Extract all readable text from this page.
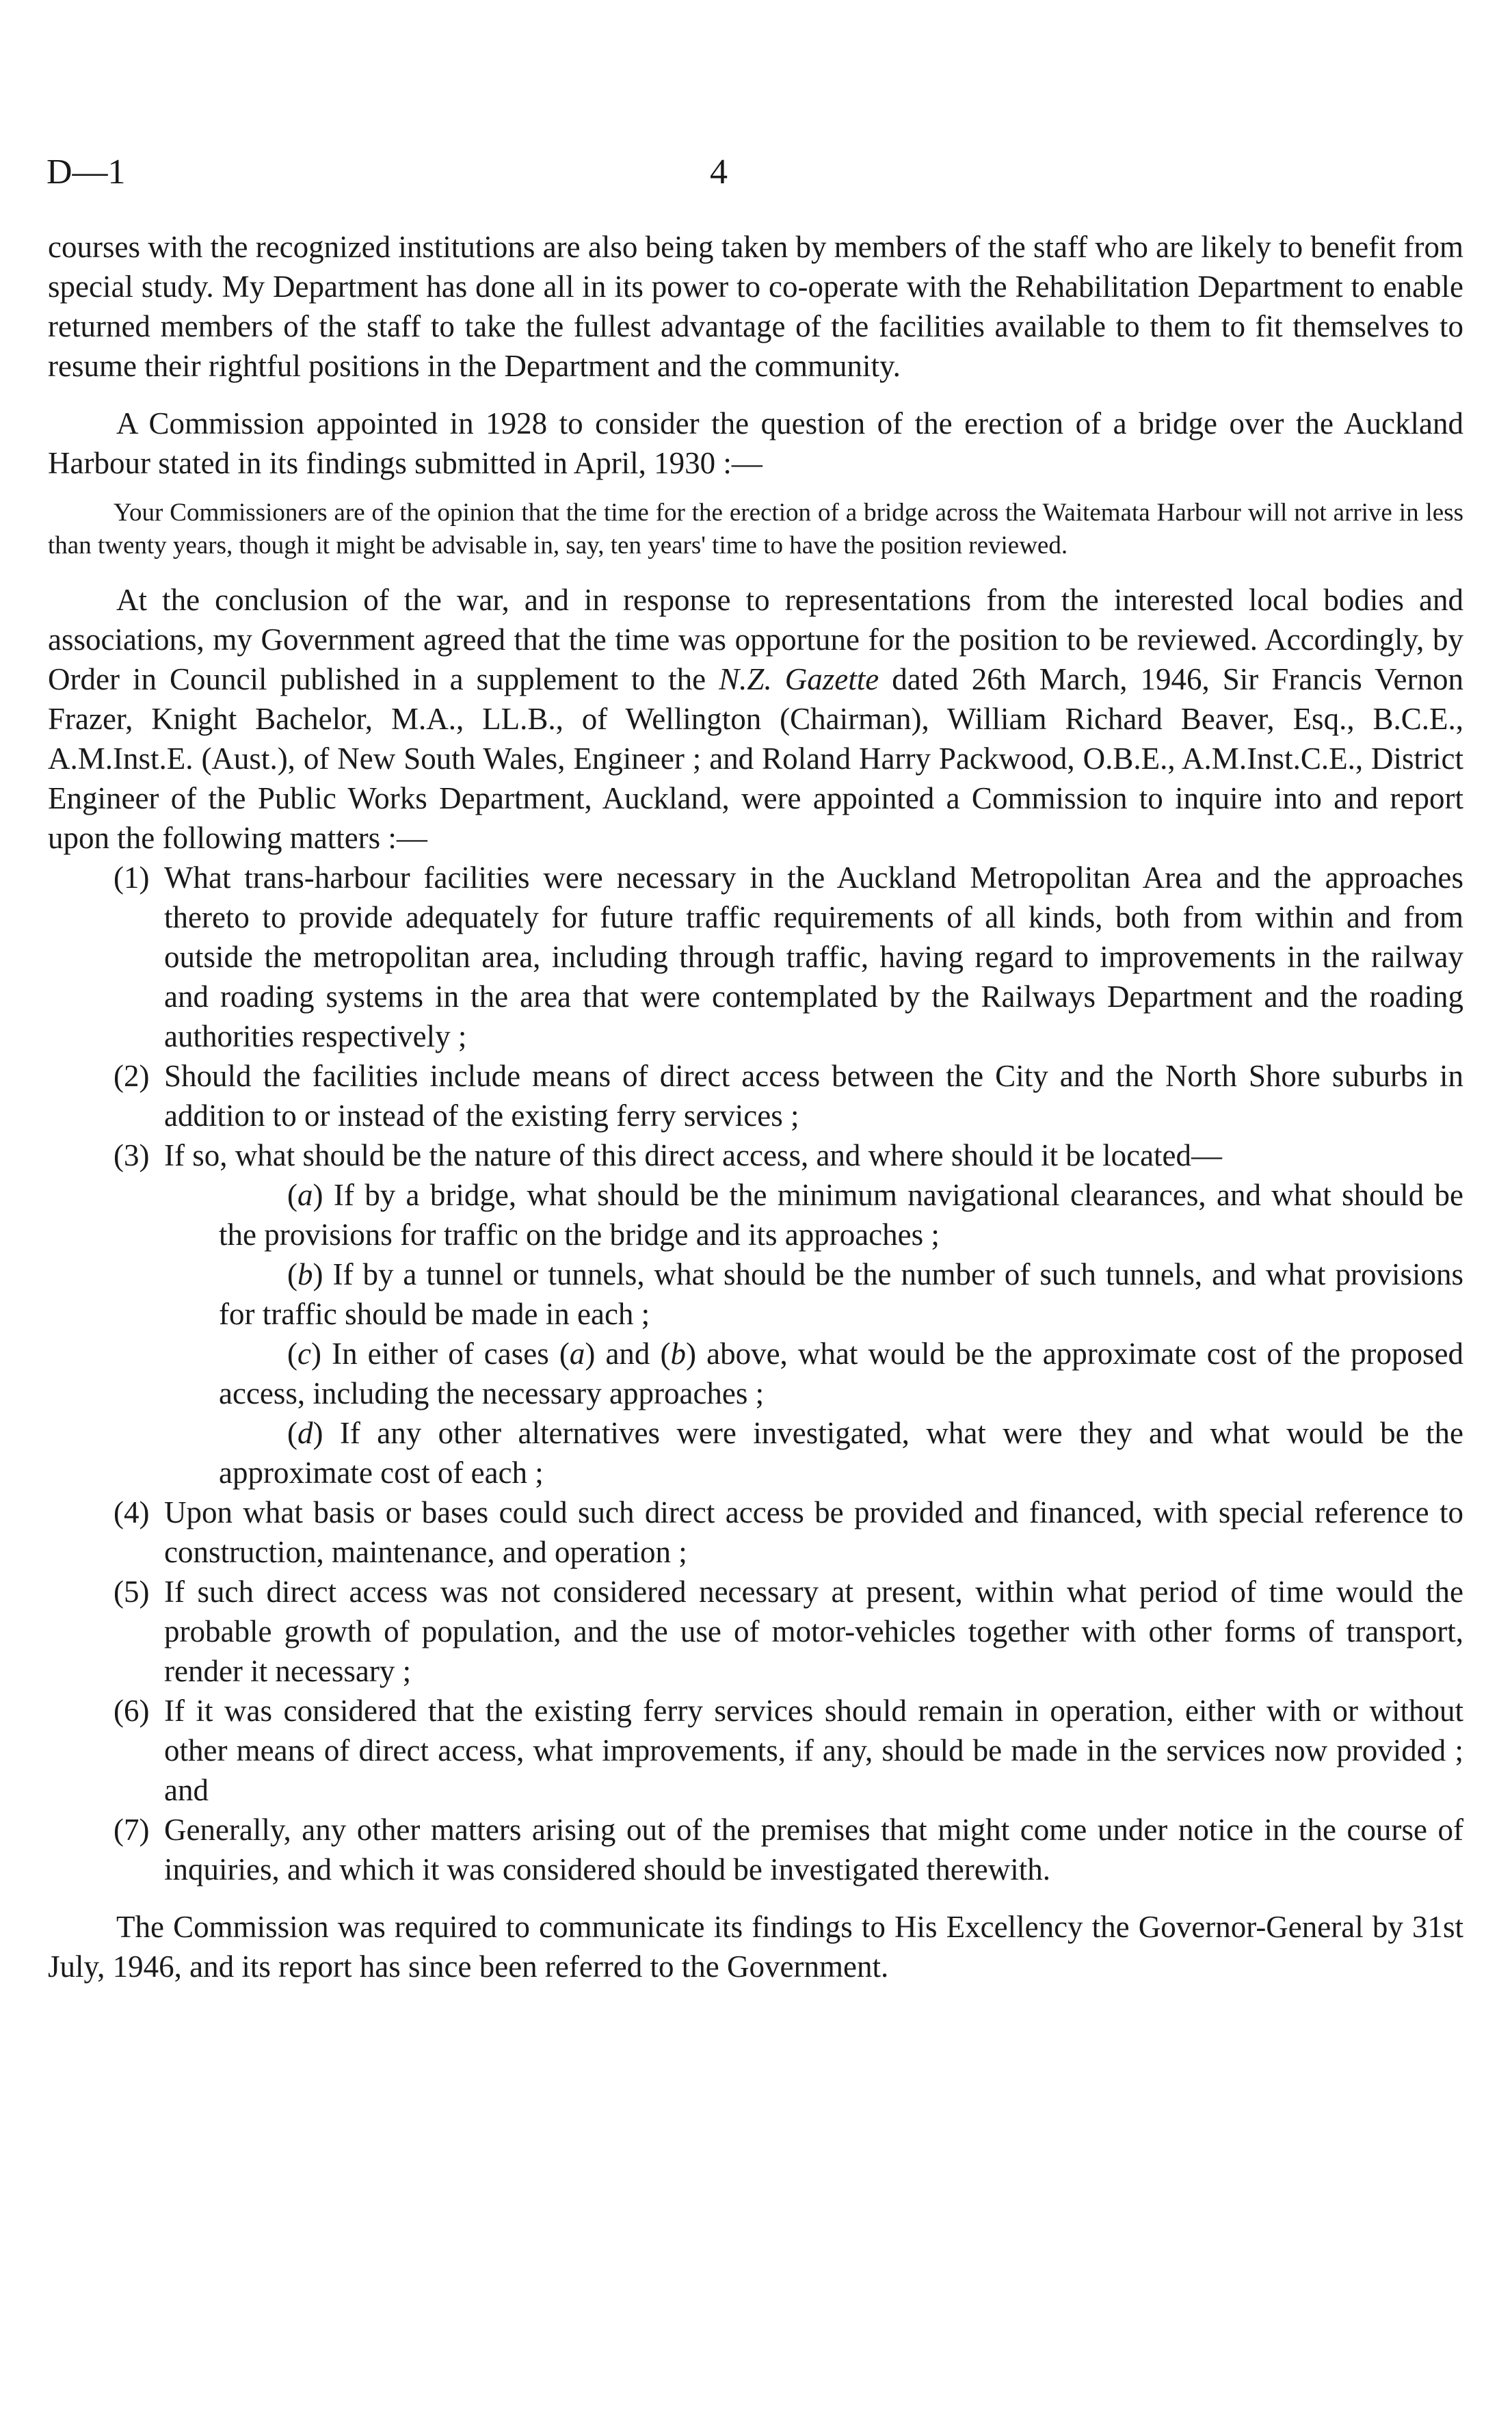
D—1	4

courses with the recognized institutions are also being taken by members of the staff who are likely to benefit from special study. My Department has done all in its power to co-operate with the Rehabilitation Department to enable returned members of the staff to take the fullest advantage of the facilities available to them to fit themselves to resume their rightful positions in the Department and the community.

A Commission appointed in 1928 to consider the question of the erection of a bridge over the Auckland Harbour stated in its findings submitted in April, 1930 :—

Your Commissioners are of the opinion that the time for the erection of a bridge across the Waitemata Harbour will not arrive in less than twenty years, though it might be advisable in, say, ten years' time to have the position reviewed.

At the conclusion of the war, and in response to representations from the interested local bodies and associations, my Government agreed that the time was opportune for the position to be reviewed. Accordingly, by Order in Council published in a supplement to the N.Z. Gazette dated 26th March, 1946, Sir Francis Vernon Frazer, Knight Bachelor, M.A., LL.B., of Wellington (Chairman), William Richard Beaver, Esq., B.C.E., A.M.Inst.E. (Aust.), of New South Wales, Engineer ; and Roland Harry Packwood, O.B.E., A.M.Inst.C.E., District Engineer of the Public Works Department, Auckland, were appointed a Commission to inquire into and report upon the following matters :—

(1) What trans-harbour facilities were necessary in the Auckland Metropolitan Area and the approaches thereto to provide adequately for future traffic requirements of all kinds, both from within and from outside the metropolitan area, including through traffic, having regard to improvements in the railway and roading systems in the area that were contemplated by the Railways Department and the roading authorities respectively ;
(2) Should the facilities include means of direct access between the City and the North Shore suburbs in addition to or instead of the existing ferry services ;
(3) If so, what should be the nature of this direct access, and where should it be located—

(a) If by a bridge, what should be the minimum navigational clearances, and what should be the provisions for traffic on the bridge and its approaches ;

(b) If by a tunnel or tunnels, what should be the number of such tunnels, and what provisions for traffic should be made in each ;

(c) In either of cases (a) and (b) above, what would be the approximate cost of the proposed access, including the necessary approaches ;

(d) If any other alternatives were investigated, what were they and what would be the approximate cost of each ;

(4) Upon what basis or bases could such direct access be provided and financed, with special reference to construction, maintenance, and operation ;
(5) If such direct access was not considered necessary at present, within what period of time would the probable growth of population, and the use of motor-vehicles together with other forms of transport, render it necessary ;
(6) If it was considered that the existing ferry services should remain in operation, either with or without other means of direct access, what improvements, if any, should be made in the services now provided ; and
(7) Generally, any other matters arising out of the premises that might come under notice in the course of inquiries, and which it was considered should be investigated therewith.

The Commission was required to communicate its findings to His Excellency the Governor-General by 31st July, 1946, and its report has since been referred to the Government.
